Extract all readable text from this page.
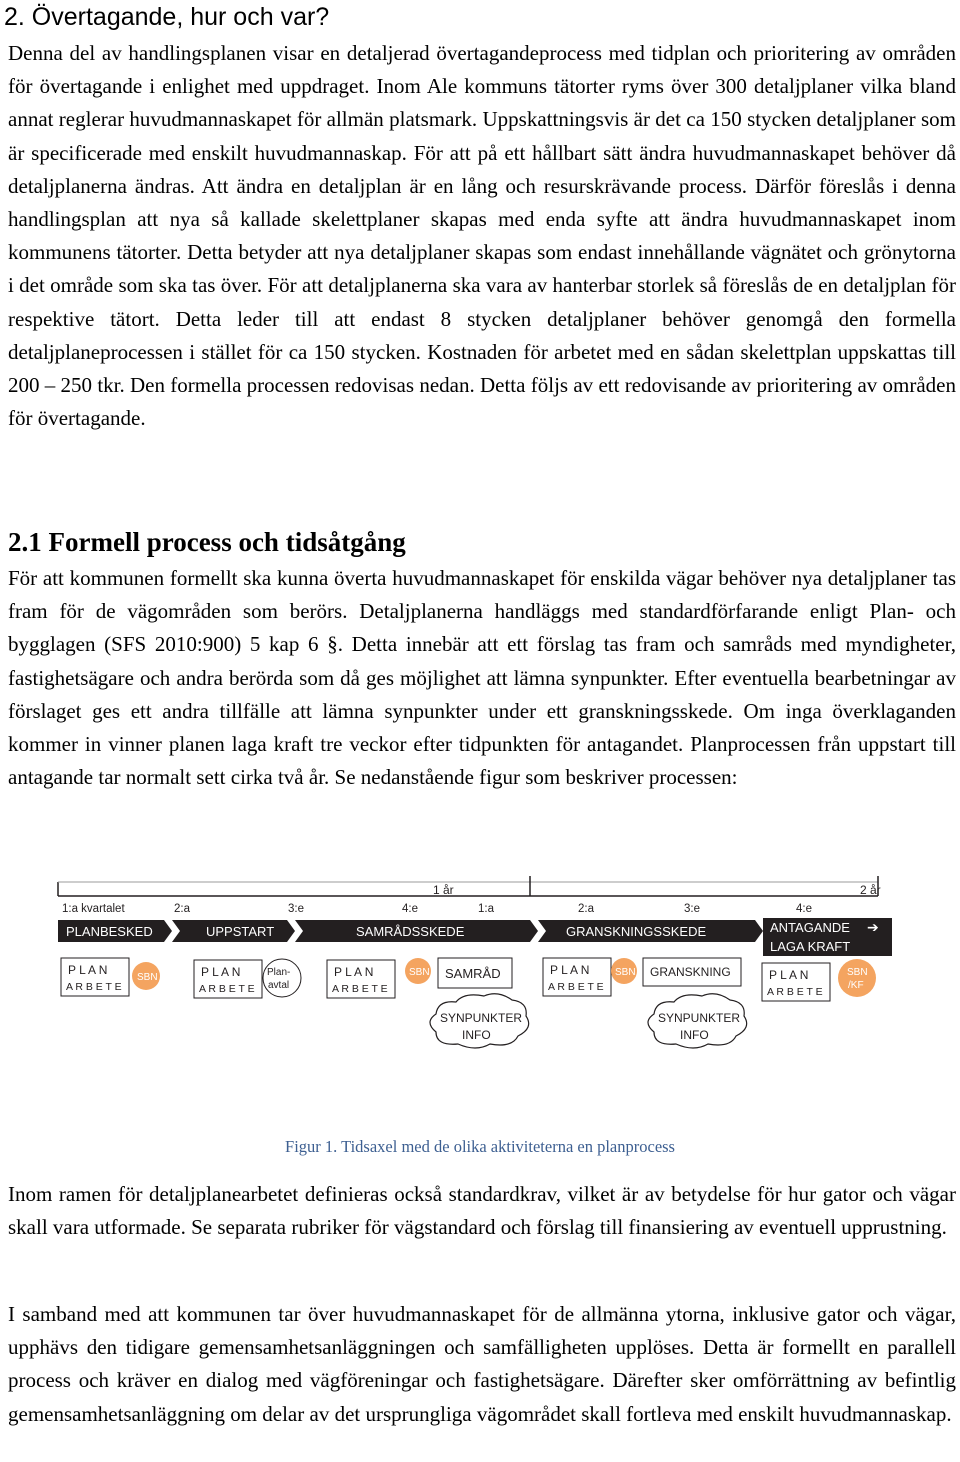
2. Övertagande, hur och var?

Denna del av handlingsplanen visar en detaljerad övertagandeprocess med tidplan och prioritering av områden för övertagande i enlighet med uppdraget. Inom Ale kommuns tätorter ryms över 300 detaljplaner vilka bland annat reglerar huvudmannaskapet för allmän platsmark. Uppskattningsvis är det ca 150 stycken detaljplaner som är specificerade med enskilt huvudmannaskap. För att på ett hållbart sätt ändra huvudmannaskapet behöver då detaljplanerna ändras. Att ändra en detaljplan är en lång och resurskrävande process. Därför föreslås i denna handlingsplan att nya så kallade skelettplaner skapas med enda syfte att ändra huvudmannaskapet inom kommunens tätorter. Detta betyder att nya detaljplaner skapas som endast innehållande vägnätet och grönytorna i det område som ska tas över. För att detaljplanerna ska vara av hanterbar storlek så föreslås de en detaljplan för respektive tätort. Detta leder till att endast 8 stycken detaljplaner behöver genomgå den formella detaljplaneprocessen i stället för ca 150 stycken. Kostnaden för arbetet med en sådan skelettplan uppskattas till 200 – 250 tkr. Den formella processen redovisas nedan. Detta följs av ett redovisande av prioritering av områden för övertagande.

2.1 Formell process och tidsåtgång

För att kommunen formellt ska kunna överta huvudmannaskapet för enskilda vägar behöver nya detaljplaner tas fram för de vägområden som berörs. Detaljplanerna handläggs med standardförfarande enligt Plan- och bygglagen (SFS 2010:900) 5 kap 6 §. Detta innebär att ett förslag tas fram och samråds med myndigheter, fastighetsägare och andra berörda som då ges möjlighet att lämna synpunkter. Efter eventuella bearbetningar av förslaget ges ett andra tillfälle att lämna synpunkter under ett granskningsskede. Om inga överklaganden kommer in vinner planen laga kraft tre veckor efter tidpunkten för antagandet. Planprocessen från uppstart till antagande tar normalt sett cirka två år. Se nedanstående figur som beskriver processen:

1 år	2 år
1:a kvartalet	2:a	3:e	4:e	1:a	2:a	3:e	4:e
PLANBESKED	UPPSTART	SAMRÅDSSKEDE	GRANSKNINGSSKEDE	ANTAGANDE ➔
LAGA KRAFT
P L A N
A R B E T E
P L A N
A R B E T E
P L A N
A R B E T E
P L A N
A R B E T E
P L A N
A R B E T E
SBN	Plan-
avtal
SBN	SBN	SBN
/KF
SAMRÅD	GRANSKNING
SYNPUNKTER
INFO
SYNPUNKTER
INFO
Figur 1. Tidsaxel med de olika aktiviteterna en planprocess

Inom ramen för detaljplanearbetet definieras också standardkrav, vilket är av betydelse för hur gator och vägar skall vara utformade. Se separata rubriker för vägstandard och förslag till finansiering av eventuell upprustning.

I samband med att kommunen tar över huvudmannaskapet för de allmänna ytorna, inklusive gator och vägar, upphävs den tidigare gemensamhetsanläggningen och samfälligheten upplöses. Detta är formellt en parallell process och kräver en dialog med vägföreningar och fastighetsägare. Därefter sker omförrättning av befintlig gemensamhetsanläggning om delar av det ursprungliga vägområdet skall fortleva med enskilt huvudmannaskap.
